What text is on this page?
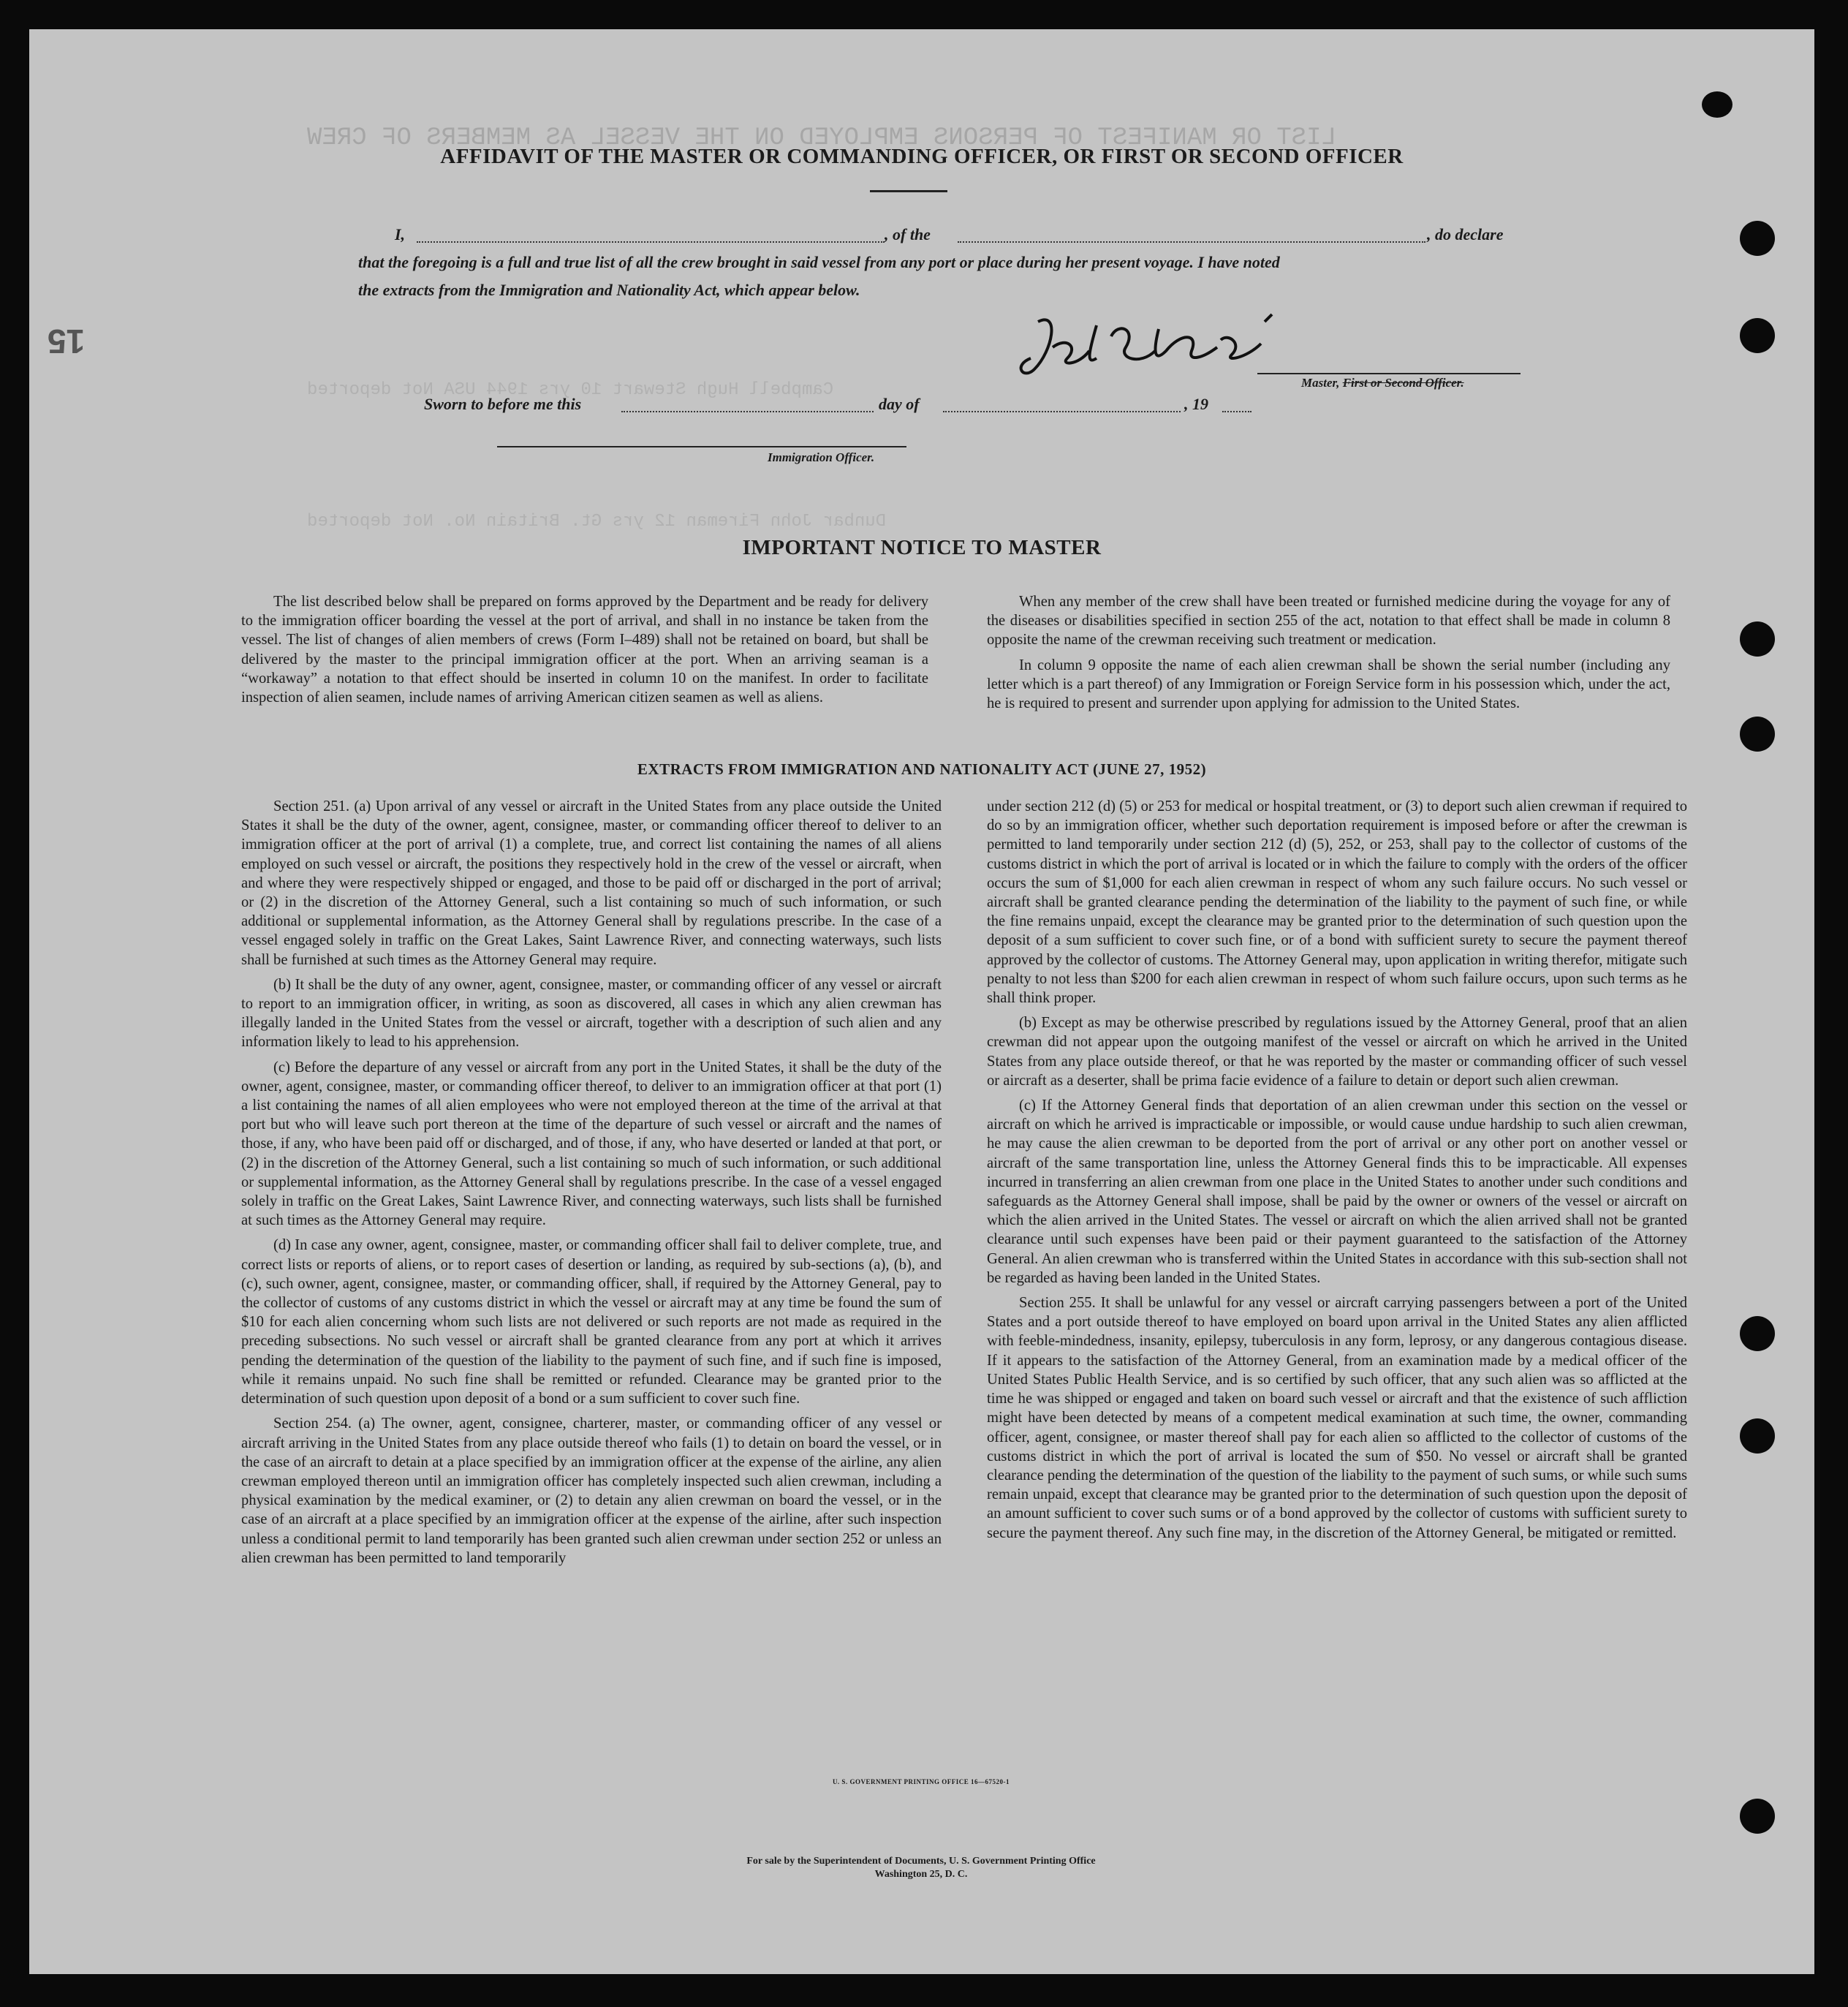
LIST OR MANIFEST OF PERSONS EMPLOYED ON THE VESSEL AS MEMBERS OF CREW
Campbell Hugh Stewart 10 yrs 1944 USA Not deported
Dunbar John Fireman 12 yrs Gt. Britain No. Not deported
15
AFFIDAVIT OF THE MASTER OR COMMANDING OFFICER, OR FIRST OR SECOND OFFICER
I,	, of the	, do declare
that the foregoing is a full and true list of all the crew brought in said vessel from any port or place during her present voyage. I have noted
the extracts from the Immigration and Nationality Act, which appear below.
Master, First or Second Officer.
Sworn to before me this	day of	, 19
Immigration Officer.
IMPORTANT NOTICE TO MASTER

The list described below shall be prepared on forms approved by the Department and be ready for delivery to the immigration officer boarding the vessel at the port of arrival, and shall in no instance be taken from the vessel. The list of changes of alien members of crews (Form I–489) shall not be retained on board, but shall be delivered by the master to the principal immigration officer at the port. When an arriving seaman is a “workaway” a notation to that effect should be inserted in column 10 on the manifest. In order to facilitate inspection of alien seamen, include names of arriving American citizen seamen as well as aliens.

When any member of the crew shall have been treated or furnished medicine during the voyage for any of the diseases or disabilities specified in section 255 of the act, notation to that effect shall be made in column 8 opposite the name of the crewman receiving such treatment or medication.

In column 9 opposite the name of each alien crewman shall be shown the serial number (including any letter which is a part thereof) of any Immigration or Foreign Service form in his possession which, under the act, he is required to present and surrender upon applying for admission to the United States.

EXTRACTS FROM IMMIGRATION AND NATIONALITY ACT (JUNE 27, 1952)

Section 251. (a) Upon arrival of any vessel or aircraft in the United States from any place outside the United States it shall be the duty of the owner, agent, consignee, master, or commanding officer thereof to deliver to an immigration officer at the port of arrival (1) a complete, true, and correct list containing the names of all aliens employed on such vessel or aircraft, the positions they respectively hold in the crew of the vessel or aircraft, when and where they were respectively shipped or engaged, and those to be paid off or discharged in the port of arrival; or (2) in the discretion of the Attorney General, such a list containing so much of such information, or such additional or supplemental information, as the Attorney General shall by regulations prescribe. In the case of a vessel engaged solely in traffic on the Great Lakes, Saint Lawrence River, and connecting waterways, such lists shall be furnished at such times as the Attorney General may require.

(b) It shall be the duty of any owner, agent, consignee, master, or commanding officer of any vessel or aircraft to report to an immigration officer, in writing, as soon as discovered, all cases in which any alien crewman has illegally landed in the United States from the vessel or aircraft, together with a description of such alien and any information likely to lead to his apprehension.

(c) Before the departure of any vessel or aircraft from any port in the United States, it shall be the duty of the owner, agent, consignee, master, or commanding officer thereof, to deliver to an immigration officer at that port (1) a list containing the names of all alien employees who were not employed thereon at the time of the arrival at that port but who will leave such port thereon at the time of the departure of such vessel or aircraft and the names of those, if any, who have been paid off or discharged, and of those, if any, who have deserted or landed at that port, or (2) in the discretion of the Attorney General, such a list containing so much of such information, or such additional or supplemental information, as the Attorney General shall by regulations prescribe. In the case of a vessel engaged solely in traffic on the Great Lakes, Saint Lawrence River, and connecting waterways, such lists shall be furnished at such times as the Attorney General may require.

(d) In case any owner, agent, consignee, master, or commanding officer shall fail to deliver complete, true, and correct lists or reports of aliens, or to report cases of desertion or landing, as required by sub-sections (a), (b), and (c), such owner, agent, consignee, master, or commanding officer, shall, if required by the Attorney General, pay to the collector of customs of any customs district in which the vessel or aircraft may at any time be found the sum of $10 for each alien concerning whom such lists are not delivered or such reports are not made as required in the preceding subsections. No such vessel or aircraft shall be granted clearance from any port at which it arrives pending the determination of the question of the liability to the payment of such fine, and if such fine is imposed, while it remains unpaid. No such fine shall be remitted or refunded. Clearance may be granted prior to the determination of such question upon deposit of a bond or a sum sufficient to cover such fine.

Section 254. (a) The owner, agent, consignee, charterer, master, or commanding officer of any vessel or aircraft arriving in the United States from any place outside thereof who fails (1) to detain on board the vessel, or in the case of an aircraft to detain at a place specified by an immigration officer at the expense of the airline, any alien crewman employed thereon until an immigration officer has completely inspected such alien crewman, including a physical examination by the medical examiner, or (2) to detain any alien crewman on board the vessel, or in the case of an aircraft at a place specified by an immigration officer at the expense of the airline, after such inspection unless a conditional permit to land temporarily has been granted such alien crewman under section 252 or unless an alien crewman has been permitted to land temporarily

under section 212 (d) (5) or 253 for medical or hospital treatment, or (3) to deport such alien crewman if required to do so by an immigration officer, whether such deportation requirement is imposed before or after the crewman is permitted to land temporarily under section 212 (d) (5), 252, or 253, shall pay to the collector of customs of the customs district in which the port of arrival is located or in which the failure to comply with the orders of the officer occurs the sum of $1,000 for each alien crewman in respect of whom any such failure occurs. No such vessel or aircraft shall be granted clearance pending the determination of the liability to the payment of such fine, or while the fine remains unpaid, except the clearance may be granted prior to the determination of such question upon the deposit of a sum sufficient to cover such fine, or of a bond with sufficient surety to secure the payment thereof approved by the collector of customs. The Attorney General may, upon application in writing therefor, mitigate such penalty to not less than $200 for each alien crewman in respect of whom such failure occurs, upon such terms as he shall think proper.

(b) Except as may be otherwise prescribed by regulations issued by the Attorney General, proof that an alien crewman did not appear upon the outgoing manifest of the vessel or aircraft on which he arrived in the United States from any place outside thereof, or that he was reported by the master or commanding officer of such vessel or aircraft as a deserter, shall be prima facie evidence of a failure to detain or deport such alien crewman.

(c) If the Attorney General finds that deportation of an alien crewman under this section on the vessel or aircraft on which he arrived is impracticable or impossible, or would cause undue hardship to such alien crewman, he may cause the alien crewman to be deported from the port of arrival or any other port on another vessel or aircraft of the same transportation line, unless the Attorney General finds this to be impracticable. All expenses incurred in transferring an alien crewman from one place in the United States to another under such conditions and safeguards as the Attorney General shall impose, shall be paid by the owner or owners of the vessel or aircraft on which the alien arrived in the United States. The vessel or aircraft on which the alien arrived shall not be granted clearance until such expenses have been paid or their payment guaranteed to the satisfaction of the Attorney General. An alien crewman who is transferred within the United States in accordance with this sub-section shall not be regarded as having been landed in the United States.

Section 255. It shall be unlawful for any vessel or aircraft carrying passengers between a port of the United States and a port outside thereof to have employed on board upon arrival in the United States any alien afflicted with feeble-mindedness, insanity, epilepsy, tuberculosis in any form, leprosy, or any dangerous contagious disease. If it appears to the satisfaction of the Attorney General, from an examination made by a medical officer of the United States Public Health Service, and is so certified by such officer, that any such alien was so afflicted at the time he was shipped or engaged and taken on board such vessel or aircraft and that the existence of such affliction might have been detected by means of a competent medical examination at such time, the owner, commanding officer, agent, consignee, or master thereof shall pay for each alien so afflicted to the collector of customs of the customs district in which the port of arrival is located the sum of $50. No vessel or aircraft shall be granted clearance pending the determination of the question of the liability to the payment of such sums, or while such sums remain unpaid, except that clearance may be granted prior to the determination of such question upon the deposit of an amount sufficient to cover such sums or of a bond approved by the collector of customs with sufficient surety to secure the payment thereof. Any such fine may, in the discretion of the Attorney General, be mitigated or remitted.

U. S. GOVERNMENT PRINTING OFFICE 16—67520-1
For sale by the Superintendent of Documents, U. S. Government Printing Office
Washington 25, D. C.
